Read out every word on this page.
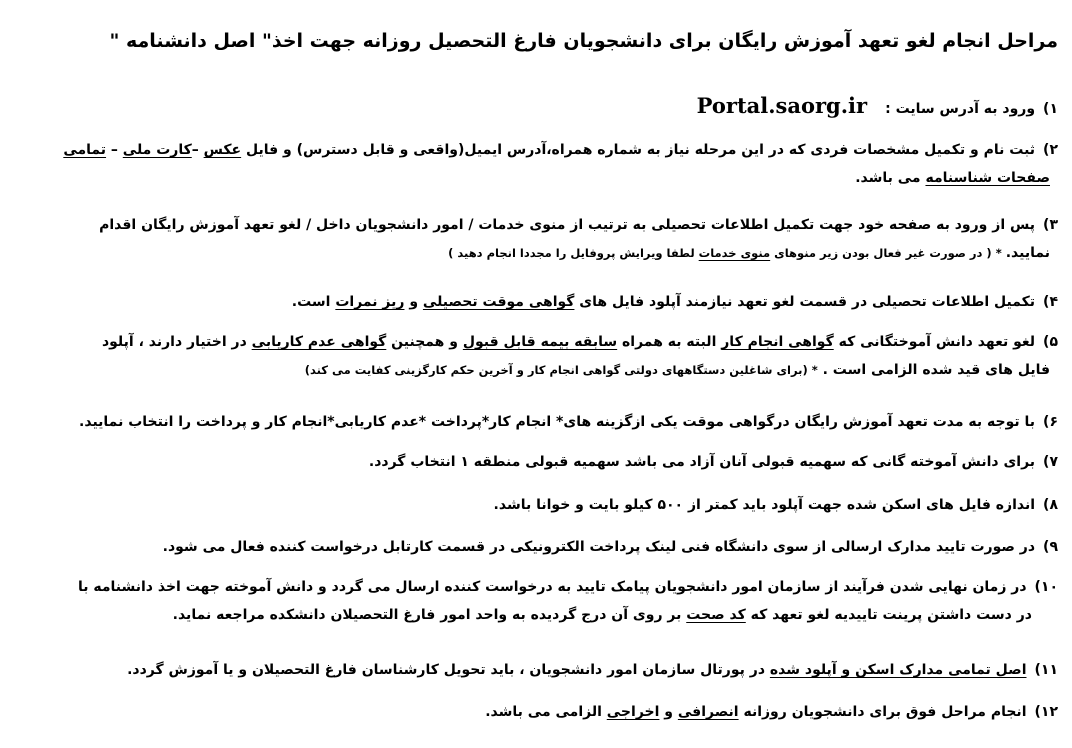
مراحل انجام لغو تعهد آموزش رایگان برای دانشجویان فارغ التحصیل روزانه جهت اخذ" اصل دانشنامه "
۱)ورود به آدرس سایت :Portal.saorg.ir
۲)ثبت نام و تکمیل مشخصات فردی که در این مرحله نیاز به شماره همراه،آدرس ایمیل(واقعی و قابل دسترس) و فایل عکس –کارت ملی – تمامی
صفحات شناسنامه می باشد.
۳)پس از ورود به صفحه خود جهت تکمیل اطلاعات تحصیلی به ترتیب از منوی خدمات / امور دانشجویان داخل / لغو تعهد آموزش رایگان اقدام
نمایید. * ( در صورت غیر فعال بودن زیر منوهای منوی خدمات لطفا ویرایش پروفایل را مجددا انجام دهید )
۴)تکمیل اطلاعات تحصیلی در قسمت لغو تعهد نیازمند آپلود فایل های گواهی موقت تحصیلی و ریز نمرات است.
۵)لغو تعهد دانش آموختگانی که گواهی انجام کار البته به همراه سابقه بیمه قابل قبول و همچنین گواهی عدم کاریابی در اختیار دارند ، آپلود
فایل های قید شده الزامی است . * (برای شاغلین دستگاههای دولتی گواهی انجام کار و آخرین حکم کارگزینی کفایت می کند)
۶)با توجه به مدت تعهد آموزش رایگان درگواهی موقت یکی ازگزینه های* انجام کار*پرداخت *عدم کاریابی*انجام کار و پرداخت را انتخاب نمایید.
۷)برای دانش آموخته گانی که سهمیه قبولی آنان آزاد می باشد سهمیه قبولی منطقه ۱ انتخاب گردد.
۸)اندازه فایل های اسکن شده جهت آپلود باید کمتر از ۵۰۰ کیلو بایت و خوانا باشد.
۹)در صورت تایید مدارک ارسالی از سوی دانشگاه فنی لینک پرداخت الکترونیکی در قسمت کارتابل درخواست کننده فعال می شود.
۱۰)در زمان نهایی شدن فرآیند از سازمان امور دانشجویان پیامک تایید به درخواست کننده ارسال می گردد و دانش آموخته جهت اخذ دانشنامه با
در دست داشتن پرینت تاییدیه لغو تعهد که کد صحت بر روی آن درج گردیده به واحد امور فارغ التحصیلان دانشکده مراجعه نماید.
۱۱)اصل تمامی مدارک اسکن و آپلود شده در پورتال سازمان امور دانشجویان ، باید تحویل کارشناسان فارغ التحصیلان و یا آموزش گردد.
۱۲)انجام مراحل فوق برای دانشجویان روزانه انصرافی و اخراجی الزامی می باشد.
